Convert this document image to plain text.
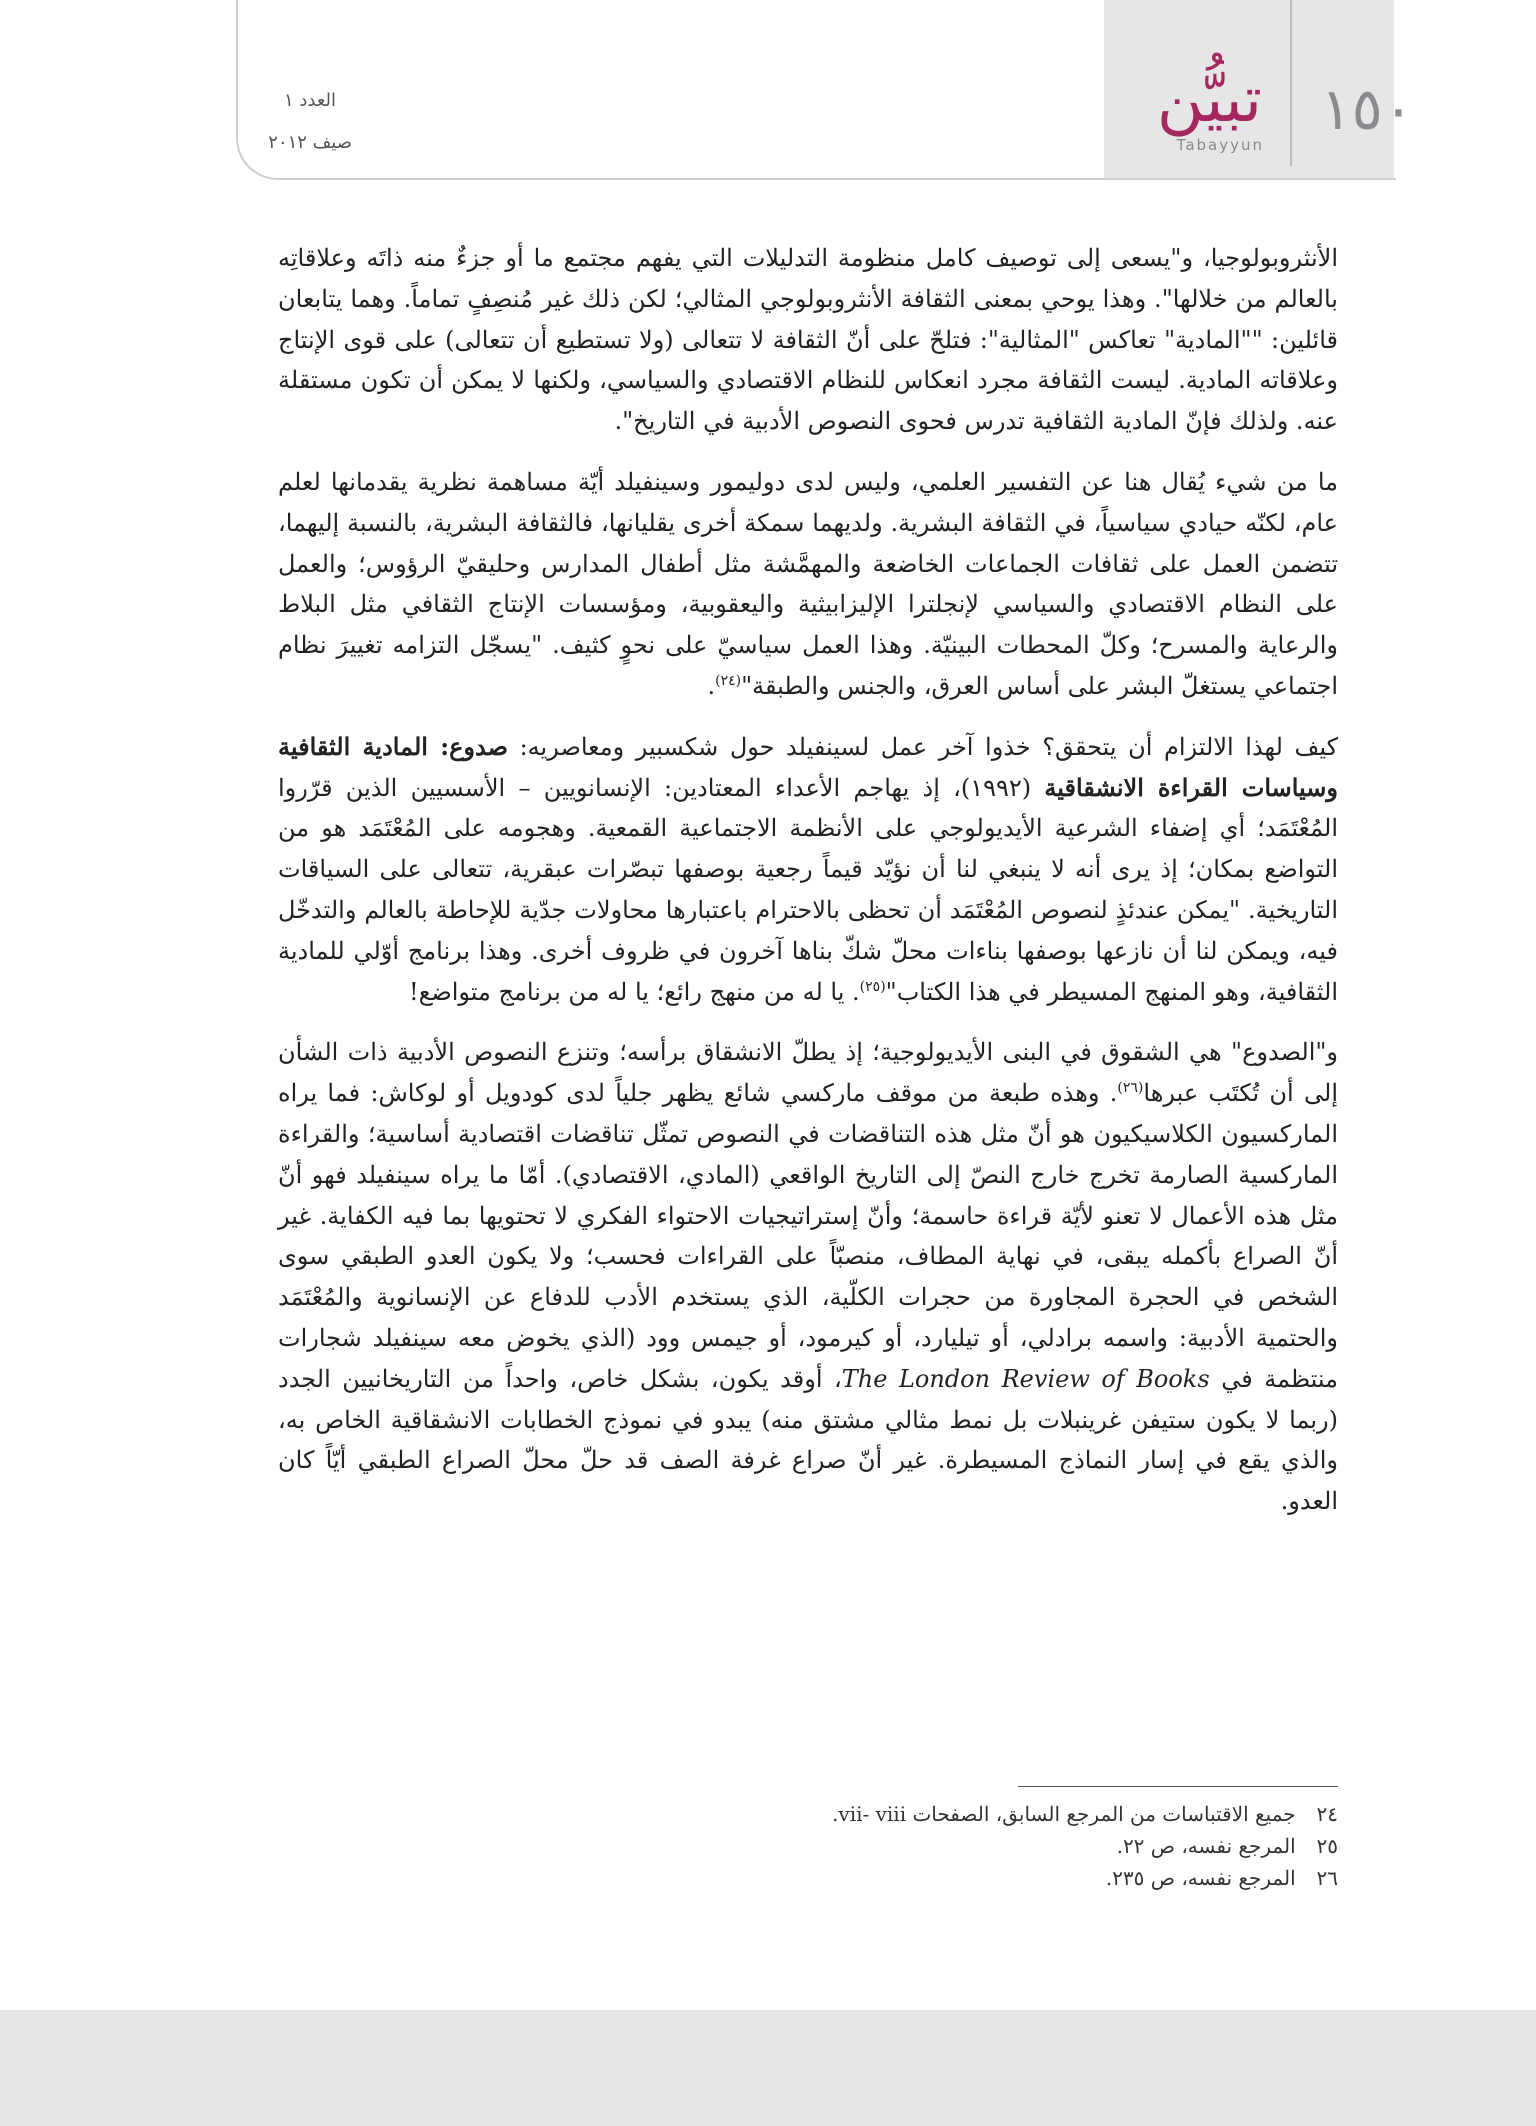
١٥٠
تبيُّن
Tabayyun
العدد ١
صيف ٢٠١٢

الأنثروبولوجيا، و"يسعى إلى توصيف كامل منظومة التدليلات التي يفهم مجتمع ما أو جزءٌ منه ذاتَه وعلاقاتِه بالعالم من خلالها". وهذا يوحي بمعنى الثقافة الأنثروبولوجي المثالي؛ لكن ذلك غير مُنصِفٍ تماماً. وهما يتابعان قائلين: ""المادية" تعاكس "المثالية": فتلحّ على أنّ الثقافة لا تتعالى (ولا تستطيع أن تتعالى) على قوى الإنتاج وعلاقاته المادية. ليست الثقافة مجرد انعكاس للنظام الاقتصادي والسياسي، ولكنها لا يمكن أن تكون مستقلة عنه. ولذلك فإنّ المادية الثقافية تدرس فحوى النصوص الأدبية في التاريخ".

ما من شيء يُقال هنا عن التفسير العلمي، وليس لدى دوليمور وسينفيلد أيّة مساهمة نظرية يقدمانها لعلم عام، لكنّه حيادي سياسياً، في الثقافة البشرية. ولديهما سمكة أخرى يقليانها، فالثقافة البشرية، بالنسبة إليهما، تتضمن العمل على ثقافات الجماعات الخاضعة والمهمَّشة مثل أطفال المدارس وحليقيّ الرؤوس؛ والعمل على النظام الاقتصادي والسياسي لإنجلترا الإليزابيثية واليعقوبية، ومؤسسات الإنتاج الثقافي مثل البلاط والرعاية والمسرح؛ وكلّ المحطات البينيّة. وهذا العمل سياسيّ على نحوٍ كثيف. "يسجّل التزامه تغييرَ نظام اجتماعي يستغلّ البشر على أساس العرق، والجنس والطبقة"$^{(٢٤)}$.

كيف لهذا الالتزام أن يتحقق؟ خذوا آخر عمل لسينفيلد حول شكسبير ومعاصريه: صدوع: المادية الثقافية وسياسات القراءة الانشقاقية (١٩٩٢)، إذ يهاجم الأعداء المعتادين: الإنسانويين – الأسسيين الذين قرّروا المُعْتَمَد؛ أي إضفاء الشرعية الأيديولوجي على الأنظمة الاجتماعية القمعية. وهجومه على المُعْتَمَد هو من التواضع بمكان؛ إذ يرى أنه لا ينبغي لنا أن نؤيّد قيماً رجعية بوصفها تبصّرات عبقرية، تتعالى على السياقات التاريخية. "يمكن عندئذٍ لنصوص المُعْتَمَد أن تحظى بالاحترام باعتبارها محاولات جدّية للإحاطة بالعالم والتدخّل فيه، ويمكن لنا أن نازعها بوصفها بناءات محلّ شكّ بناها آخرون في ظروف أخرى. وهذا برنامج أوّلي للمادية الثقافية، وهو المنهج المسيطر في هذا الكتاب"$^{(٢٥)}$. يا له من منهج رائع؛ يا له من برنامج متواضع!

و"الصدوع" هي الشقوق في البنى الأيديولوجية؛ إذ يطلّ الانشقاق برأسه؛ وتنزع النصوص الأدبية ذات الشأن إلى أن تُكتَب عبرها$^{(٢٦)}$. وهذه طبعة من موقف ماركسي شائع يظهر جلياً لدى كودويل أو لوكاش: فما يراه الماركسيون الكلاسيكيون هو أنّ مثل هذه التناقضات في النصوص تمثّل تناقضات اقتصادية أساسية؛ والقراءة الماركسية الصارمة تخرج خارج النصّ إلى التاريخ الواقعي (المادي، الاقتصادي). أمّا ما يراه سينفيلد فهو أنّ مثل هذه الأعمال لا تعنو لأيّة قراءة حاسمة؛ وأنّ إستراتيجيات الاحتواء الفكري لا تحتويها بما فيه الكفاية. غير أنّ الصراع بأكمله يبقى، في نهاية المطاف، منصبّاً على القراءات فحسب؛ ولا يكون العدو الطبقي سوى الشخص في الحجرة المجاورة من حجرات الكلّية، الذي يستخدم الأدب للدفاع عن الإنسانوية والمُعْتَمَد والحتمية الأدبية: واسمه برادلي، أو تيليارد، أو كيرمود، أو جيمس وود (الذي يخوض معه سينفيلد شجارات منتظمة في The London Review of Books، أوقد يكون، بشكل خاص، واحداً من التاريخانيين الجدد (ربما لا يكون ستيفن غرينبلات بل نمط مثالي مشتق منه) يبدو في نموذج الخطابات الانشقاقية الخاص به، والذي يقع في إسار النماذج المسيطرة. غير أنّ صراع غرفة الصف قد حلّ محلّ الصراع الطبقي أيّاً كان العدو.

٢٤ جميع الاقتباسات من المرجع السابق، الصفحات vii- viii.
٢٥ المرجع نفسه، ص ٢٢.
٢٦ المرجع نفسه، ص ٢٣٥.
